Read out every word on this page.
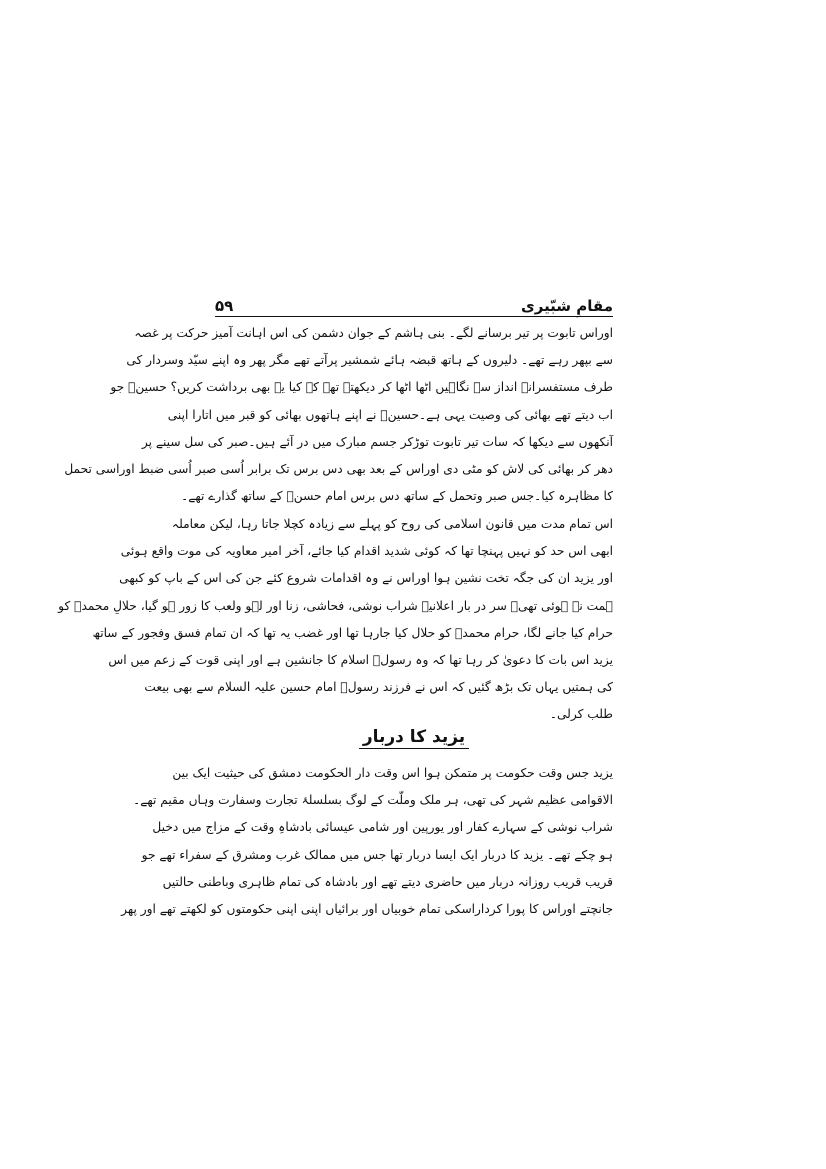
۵۹	مقامِ شبّیری
اوراس تابوت پر تیر برسانے لگے۔ بنی ہاشم کے جوان دشمن کی اس اہانت آمیز حرکت پر غصہ
سے بپھر رہے تھے۔ دلیروں کے ہاتھ قبضہ ہائے شمشیر پرآتے تھے مگر پھر وہ اپنے سیّد وسردار کی
طرف مستفسرانہ انداز سے نگاہیں اٹھا اٹھا کر دیکھتے تھے کہ کیا یہ بھی برداشت کریں؟ حسینؑ جو
اب دیتے تھے بھائی کی وصیت یہی ہے۔حسینؑ نے اپنے ہاتھوں بھائی کو قبر میں اتارا اپنی
آنکھوں سے دیکھا کہ سات تیر تابوت توڑکر جسم مبارک میں در آئے ہیں۔صبر کی سل سینے پر
دھر کر بھائی کی لاش کو مٹی دی اوراس کے بعد بھی دس برس تک برابر اُسی صبر اُسی ضبط اوراسی تحمل
کا مظاہرہ کیا۔جس صبر وتحمل کے ساتھ دس برس امام حسنؑ کے ساتھ گذارے تھے۔
اس تمام مدت میں قانون اسلامی کی روح کو پہلے سے زیادہ کچلا جاتا رہا، لیکن معاملہ
ابھی اس حد کو نہیں پہنچا تھا کہ کوئی شدید اقدام کیا جائے، آخر امیر معاویہ کی موت واقع ہوئی
اور یزید ان کی جگہ تخت نشین ہوا اوراس نے وہ اقدامات شروع کئے جن کی اس کے باپ کو کبھی
ہمت نہ ہوئی تھی۔ سر در بار اعلانیہ شراب نوشی، فحاشی، زنا اور لہو ولعب کا زور ہو گیا، حلالِ محمدؐ کو
حرام کیا جانے لگا، حرام محمدؐ کو حلال کیا جارہا تھا اور غضب یہ تھا کہ ان تمام فسق وفجور کے ساتھ
یزید اس بات کا دعویٰ کر رہا تھا کہ وہ رسولؐ اسلام کا جانشین ہے اور اپنی قوت کے زعم میں اس
کی ہمتیں یہاں تک بڑھ گئیں کہ اس نے فرزند رسولؐ امام حسین علیہ السلام سے بھی بیعت
طلب کرلی۔
یزید کا دربار
یزید جس وقت حکومت پر متمکن ہوا اس وقت دار الحکومت دمشق کی حیثیت ایک بین
الاقوامی عظیم شہر کی تھی، ہر ملک وملّت کے لوگ بسلسلۂ تجارت وسفارت وہاں مقیم تھے۔
شراب نوشی کے سہارے کفار اور یورپین اور شامی عیسائی بادشاہِ وقت کے مزاج میں دخیل
ہو چکے تھے۔ یزید کا دربار ایک ایسا دربار تھا جس میں ممالک غرب ومشرق کے سفراء تھے جو
قریب قریب روزانہ دربار میں حاضری دیتے تھے اور بادشاہ کی تمام ظاہری وباطنی حالتیں
جانچتے اوراس کا پورا کرداراسکی تمام خوبیاں اور برائیاں اپنی اپنی حکومتوں کو لکھتے تھے اور پھر
